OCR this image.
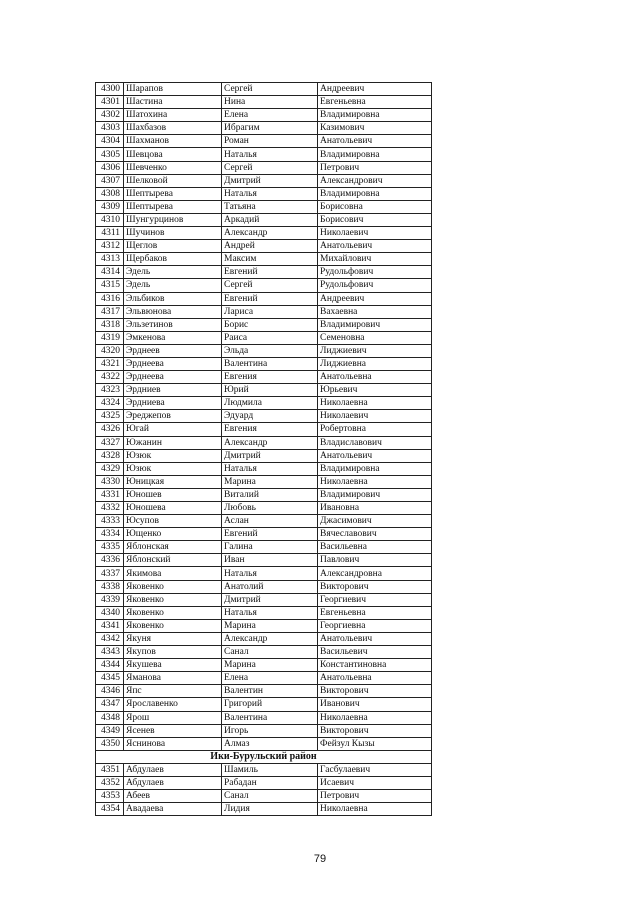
4300	Шарапов	Сергей	Андреевич
4301	Шастина	Нина	Евгеньевна
4302	Шатохина	Елена	Владимировна
4303	Шахбазов	Ибрагим	Казимович
4304	Шахманов	Роман	Анатольевич
4305	Шевцова	Наталья	Владимировна
4306	Шевченко	Сергей	Петрович
4307	Шелковой	Дмитрий	Александрович
4308	Шептырева	Наталья	Владимировна
4309	Шептырева	Татьяна	Борисовна
4310	Шунгурцинов	Аркадий	Борисович
4311	Шучинов	Александр	Николаевич
4312	Щеглов	Андрей	Анатольевич
4313	Щербаков	Максим	Михайлович
4314	Эдель	Евгений	Рудольфович
4315	Эдель	Сергей	Рудольфович
4316	Эльбиков	Евгений	Андреевич
4317	Эльвюнова	Лариса	Вахаевна
4318	Эльзетинов	Борис	Владимирович
4319	Эмкенова	Раиса	Семеновна
4320	Эрднеев	Эльда	Лиджиевич
4321	Эрднеева	Валентина	Лиджиевна
4322	Эрднеева	Евгения	Анатольевна
4323	Эрдниев	Юрий	Юрьевич
4324	Эрдниева	Людмила	Николаевна
4325	Эреджепов	Эдуард	Николаевич
4326	Югай	Евгения	Робертовна
4327	Южанин	Александр	Владиславович
4328	Юзюк	Дмитрий	Анатольевич
4329	Юзюк	Наталья	Владимировна
4330	Юницкая	Марина	Николаевна
4331	Юношев	Виталий	Владимирович
4332	Юношева	Любовь	Ивановна
4333	Юсупов	Аслан	Джасимович
4334	Ющенко	Евгений	Вячеславович
4335	Яблонская	Галина	Васильевна
4336	Яблонский	Иван	Павлович
4337	Якимова	Наталья	Александровна
4338	Яковенко	Анатолий	Викторович
4339	Яковенко	Дмитрий	Георгиевич
4340	Яковенко	Наталья	Евгеньевна
4341	Яковенко	Марина	Георгиевна
4342	Якуня	Александр	Анатольевич
4343	Якупов	Санал	Васильевич
4344	Якушева	Марина	Константиновна
4345	Яманова	Елена	Анатольевна
4346	Япс	Валентин	Викторович
4347	Ярославенко	Григорий	Иванович
4348	Ярош	Валентина	Николаевна
4349	Ясенев	Игорь	Викторович
4350	Яснинова	Алмаз	Фейзул Кызы
Ики-Бурульский район			
4351	Абдулаев	Шамиль	Гасбулаевич
4352	Абдулаев	Рабадан	Исаевич
4353	Абеев	Санал	Петрович
4354	Авадаева	Лидия	Николаевна
79
